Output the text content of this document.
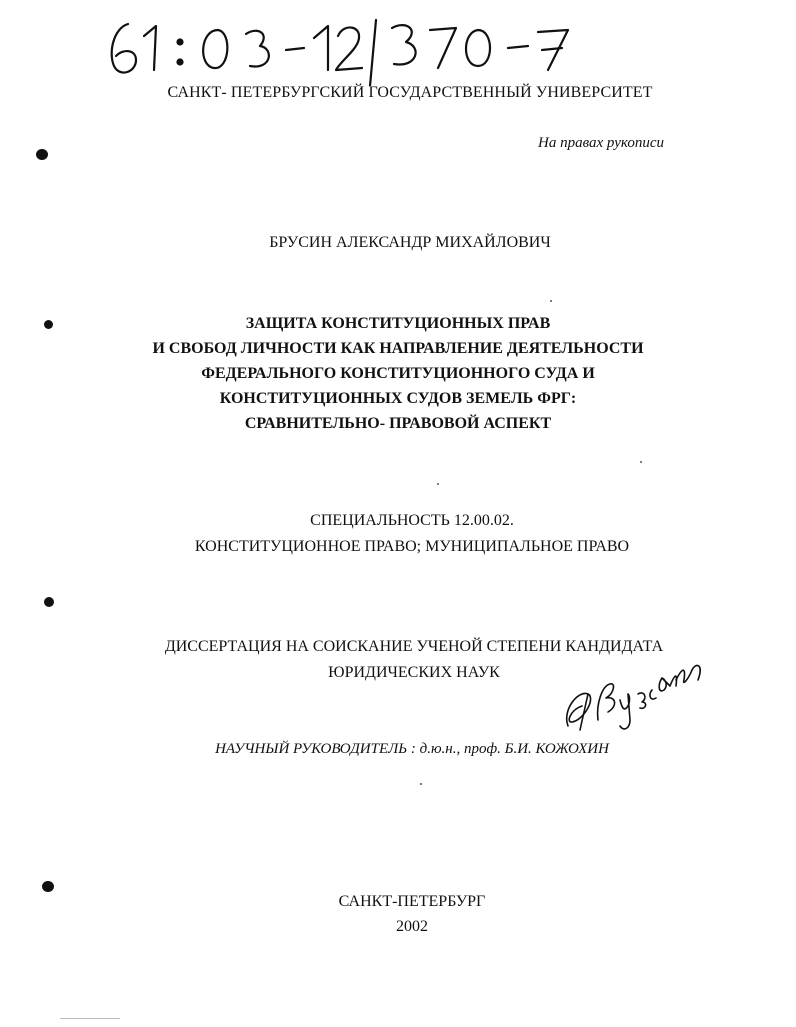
САНКТ- ПЕТЕРБУРГСКИЙ ГОСУДАРСТВЕННЫЙ УНИВЕРСИТЕТ
На правах рукописи
БРУСИН АЛЕКСАНДР МИХАЙЛОВИЧ
ЗАЩИТА КОНСТИТУЦИОННЫХ ПРАВ
И СВОБОД ЛИЧНОСТИ КАК НАПРАВЛЕНИЕ ДЕЯТЕЛЬНОСТИ
ФЕДЕРАЛЬНОГО КОНСТИТУЦИОННОГО СУДА И
КОНСТИТУЦИОННЫХ СУДОВ ЗЕМЕЛЬ ФРГ:
СРАВНИТЕЛЬНО- ПРАВОВОЙ АСПЕКТ
СПЕЦИАЛЬНОСТЬ 12.00.02.
КОНСТИТУЦИОННОЕ ПРАВО; МУНИЦИПАЛЬНОЕ ПРАВО
ДИССЕРТАЦИЯ НА СОИСКАНИЕ УЧЕНОЙ СТЕПЕНИ КАНДИДАТА
ЮРИДИЧЕСКИХ НАУК
НАУЧНЫЙ РУКОВОДИТЕЛЬ : д.ю.н., проф. Б.И. КОЖОХИН
САНКТ-ПЕТЕРБУРГ
2002
